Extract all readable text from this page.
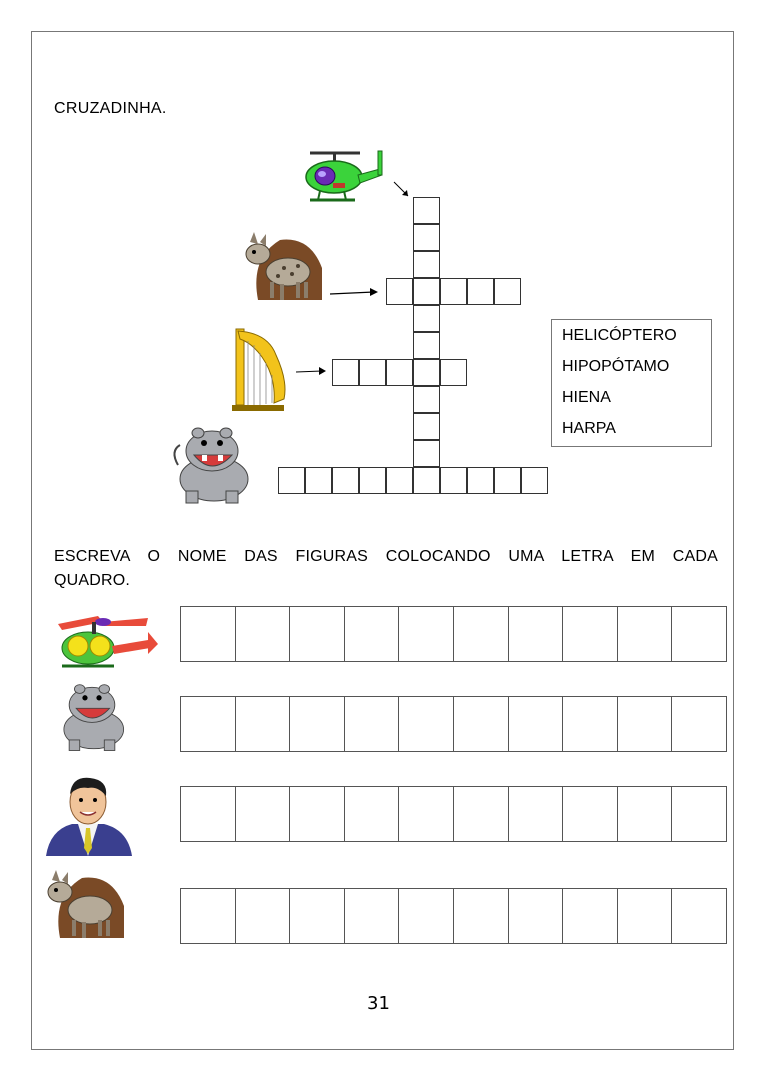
CRUZADINHA.
HELICÓPTERO
HIPOPÓTAMO
HIENA
HARPA
ESCREVA O NOME DAS FIGURAS COLOCANDO UMA LETRA EM CADA
QUADRO.
31
